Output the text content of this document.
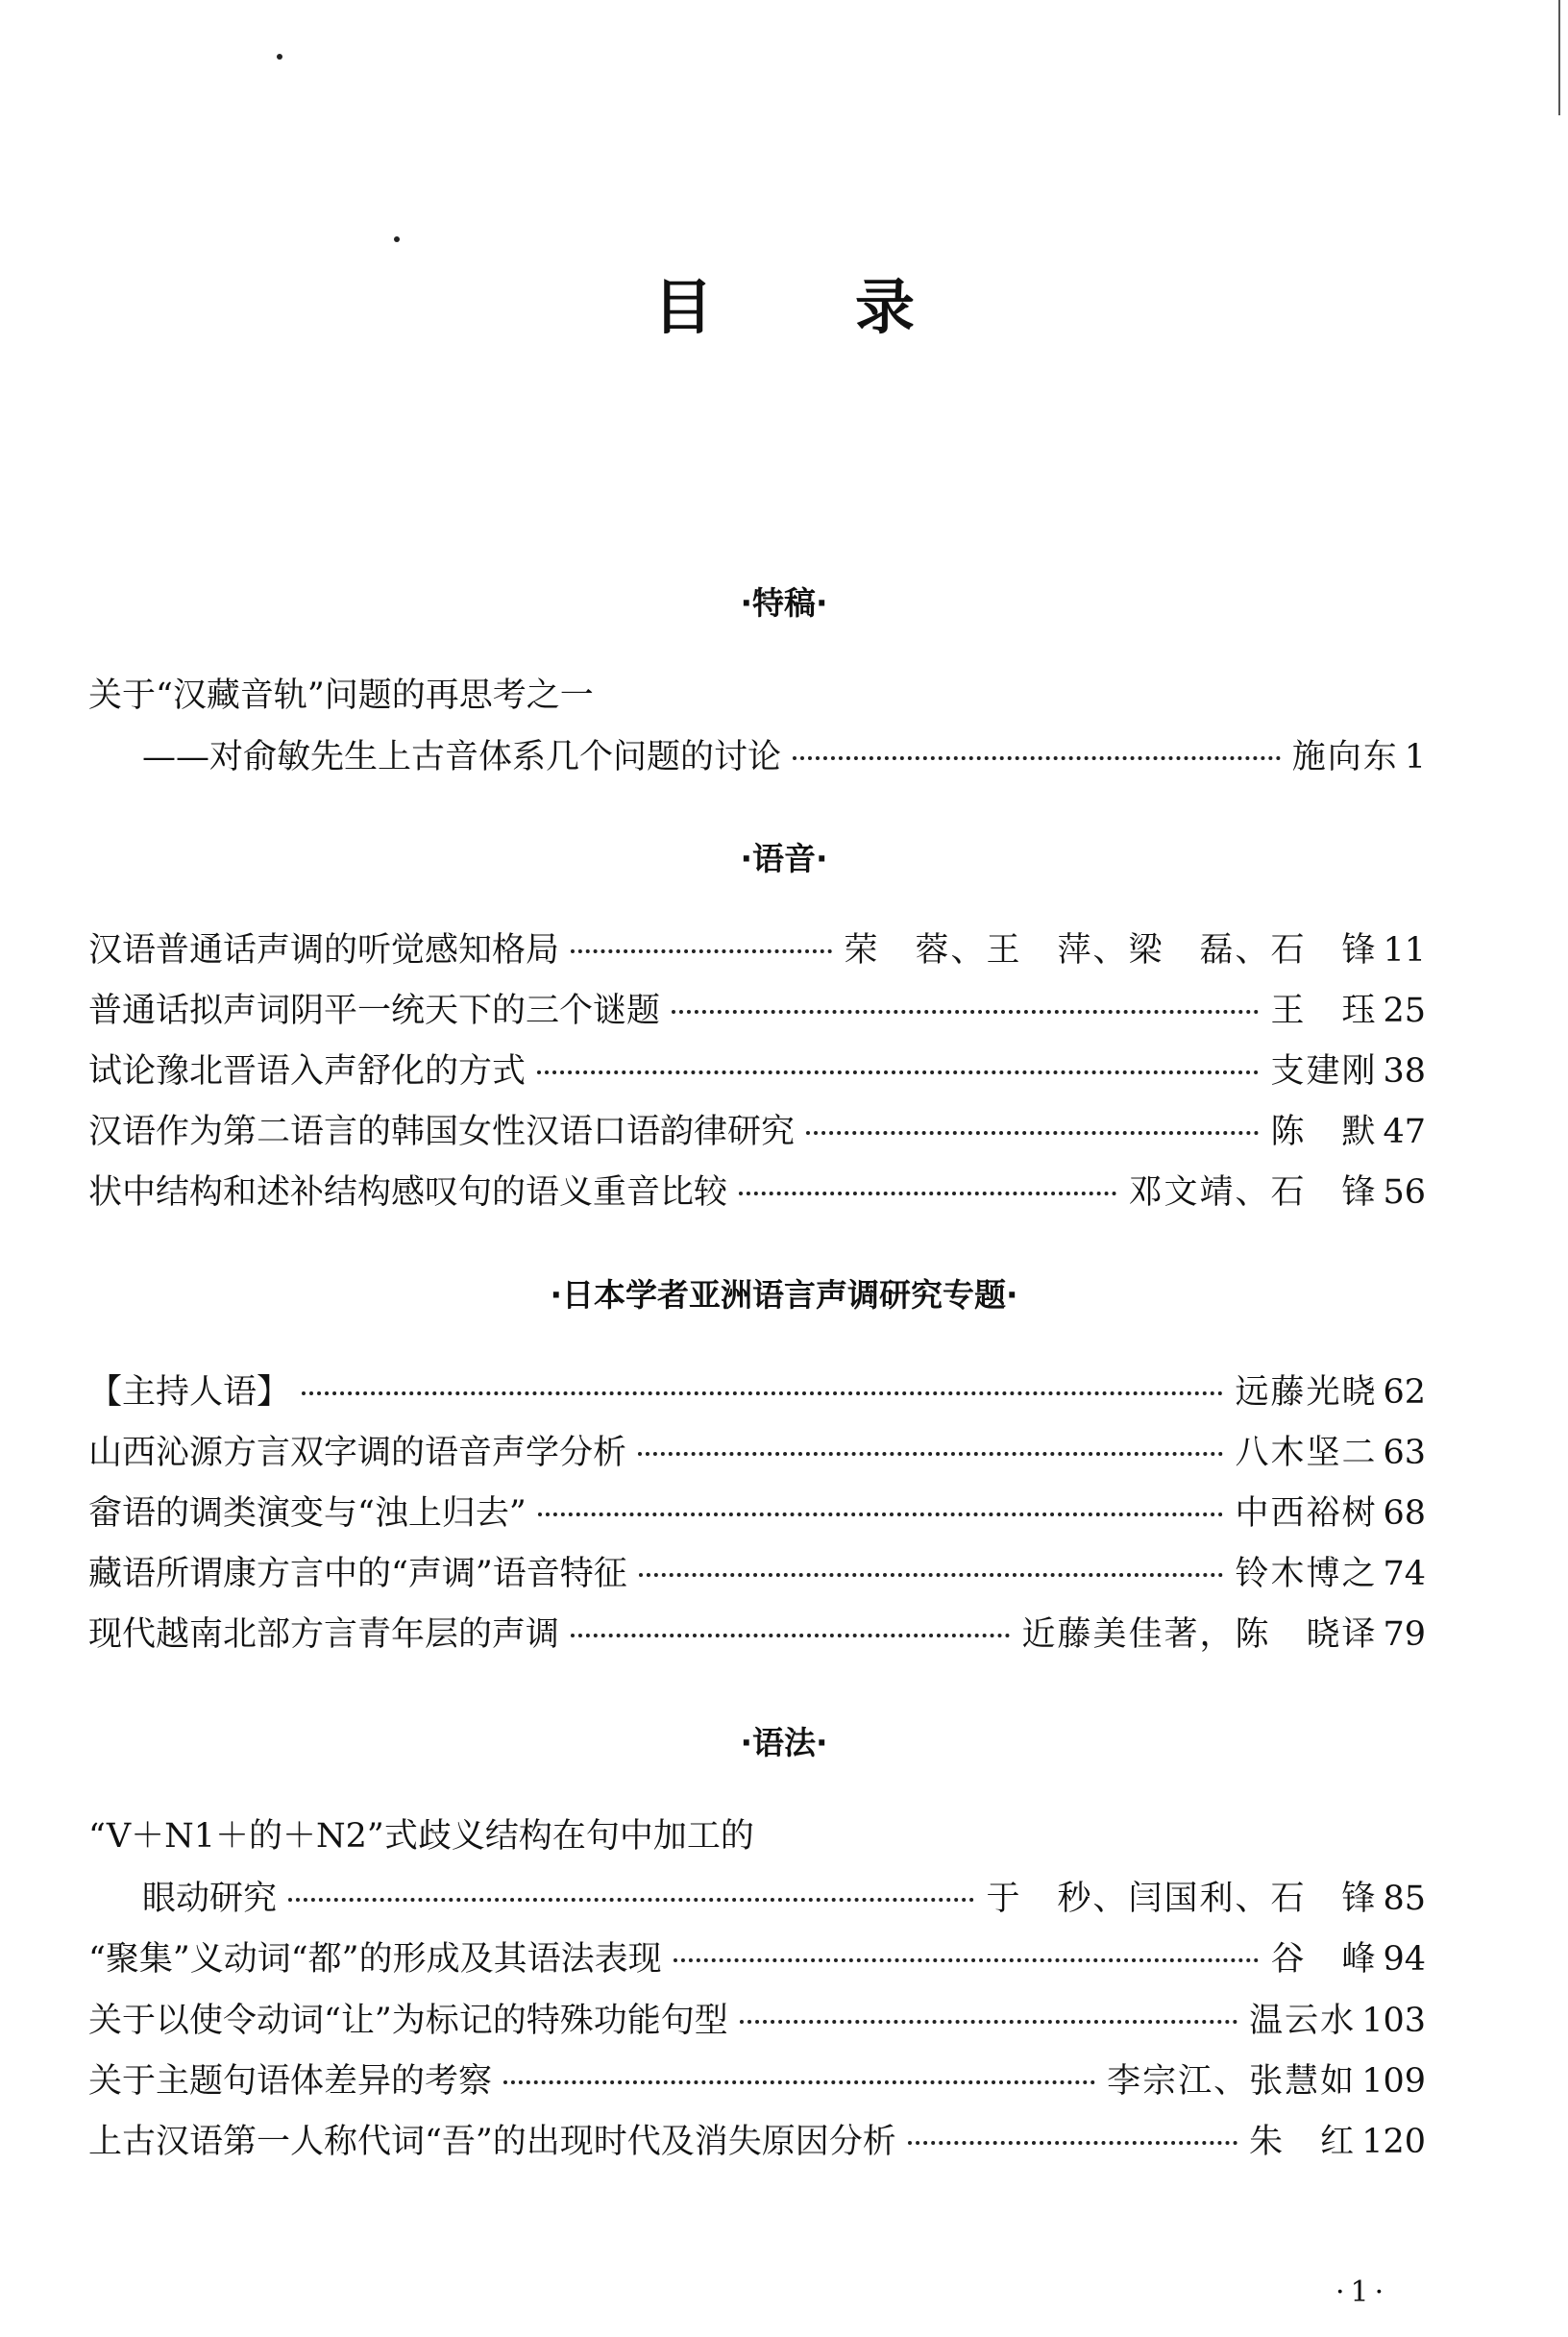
目录
·特稿·
关于“汉藏音轨”问题的再思考之一
——对俞敏先生上古音体系几个问题的讨论	施向东 1
·语音·
汉语普通话声调的听觉感知格局	荣　蓉、王　萍、梁　磊、石　锋 11
普通话拟声词阴平一统天下的三个谜题	王　珏 25
试论豫北晋语入声舒化的方式	支建刚 38
汉语作为第二语言的韩国女性汉语口语韵律研究	陈　默 47
状中结构和述补结构感叹句的语义重音比较	邓文靖、石　锋 56
·日本学者亚洲语言声调研究专题·
【主持人语】	远藤光晓 62
山西沁源方言双字调的语音声学分析	八木坚二 63
畲语的调类演变与“浊上归去”	中西裕树 68
藏语所谓康方言中的“声调”语音特征	铃木博之 74
现代越南北部方言青年层的声调	近藤美佳著，陈　晓译 79
·语法·
“V＋N1＋的＋N2”式歧义结构在句中加工的
眼动研究	于　秒、闫国利、石　锋 85
“聚集”义动词“都”的形成及其语法表现	谷　峰 94
关于以使令动词“让”为标记的特殊功能句型	温云水 103
关于主题句语体差异的考察	李宗江、张慧如 109
上古汉语第一人称代词“吾”的出现时代及消失原因分析	朱　红 120
·1·
